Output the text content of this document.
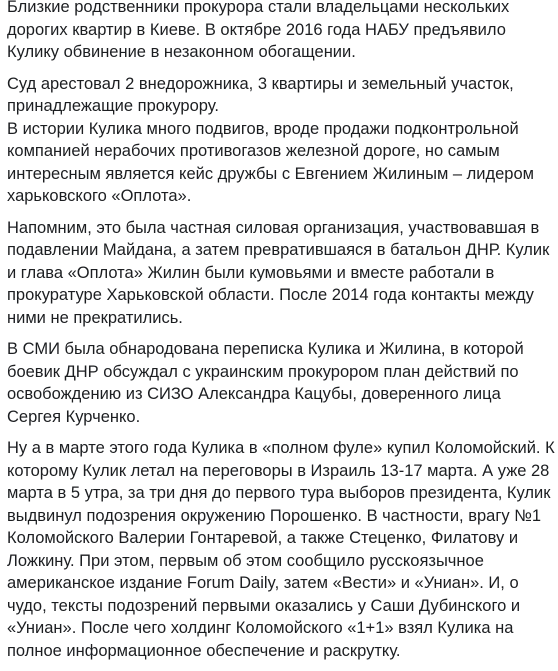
Близкие родственники прокурора стали владельцами нескольких дорогих квартир в Киеве. В октябре 2016 года НАБУ предъявило Кулику обвинение в незаконном обогащении.

Суд арестовал 2 внедорожника, 3 квартиры и земельный участок, принадлежащие прокурору.

В истории Кулика много подвигов, вроде продажи подконтрольной компанией нерабочих противогазов железной дороге, но самым интересным является кейс дружбы с Евгением Жилиным – лидером харьковского «Оплота».

Напомним, это была частная силовая организация, участвовавшая в подавлении Майдана, а затем превратившаяся в батальон ДНР. Кулик и глава «Оплота» Жилин были кумовьями и вместе работали в прокуратуре Харьковской области. После 2014 года контакты между ними не прекратились.

В СМИ была обнародована переписка Кулика и Жилина, в которой боевик ДНР обсуждал с украинским прокурором план действий по освобождению из СИЗО Александра Кацубы, доверенного лица Сергея Курченко.

Ну а в марте этого года Кулика в «полном фуле» купил Коломойский. К которому Кулик летал на переговоры в Израиль 13-17 марта. А уже 28 марта в 5 утра, за три дня до первого тура выборов президента, Кулик выдвинул подозрения окружению Порошенко. В частности, врагу №1 Коломойского Валерии Гонтаревой, а также Стеценко, Филатову и Ложкину. При этом, первым об этом сообщило русскоязычное американское издание Forum Daily, затем «Вести» и «Униан». И, о чудо, тексты подозрений первыми оказались у Саши Дубинского и «Униан». После чего холдинг Коломойского «1+1» взял Кулика на полное информационное обеспечение и раскрутку.
